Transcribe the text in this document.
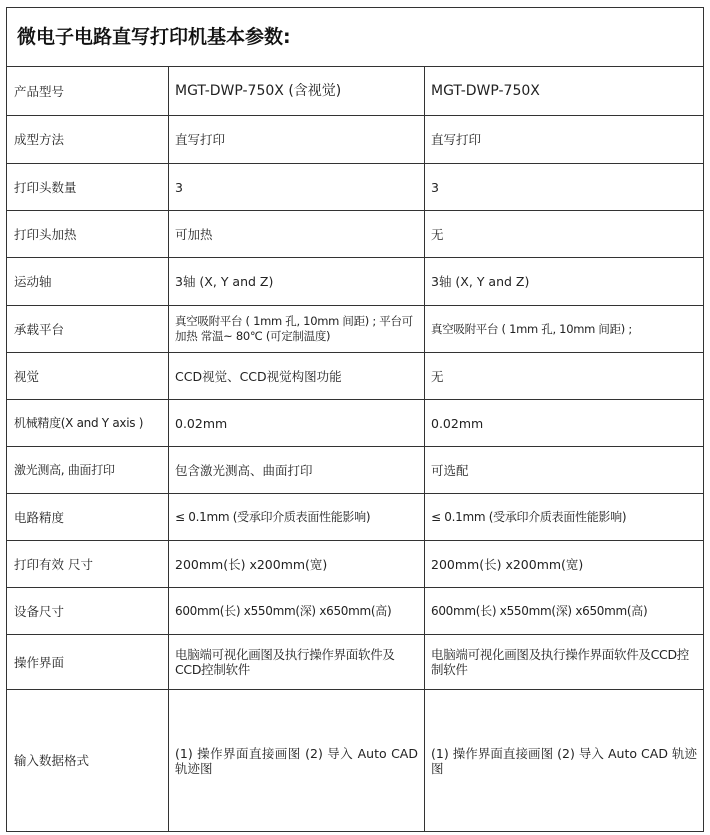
微电子电路直写打印机基本参数:		
产品型号	MGT-DWP-750X (含视觉)	MGT-DWP-750X
成型方法	直写打印	直写打印
打印头数量	3	3
打印头加热	可加热	无
运动轴	3轴 (X, Y and Z)	3轴 (X, Y and Z)
承载平台	真空吸附平台 ( 1mm 孔, 10mm 间距) ; 平台可加热 常温~ 80℃ (可定制温度)	真空吸附平台 ( 1mm 孔, 10mm 间距) ;
视觉	CCD视觉、CCD视觉构图功能	无
机械精度(X and Y axis )	0.02mm	0.02mm
激光测高, 曲面打印	包含激光测高、曲面打印	可选配
电路精度	≤ 0.1mm (受承印介质表面性能影响)	≤ 0.1mm (受承印介质表面性能影响)
打印有效 尺寸	200mm(长) x200mm(宽)	200mm(长) x200mm(宽)
设备尺寸	600mm(长) x550mm(深) x650mm(高)	600mm(长) x550mm(深) x650mm(高)
操作界面	电脑端可视化画图及执行操作界面软件及CCD控制软件	电脑端可视化画图及执行操作界面软件及CCD控制软件
输入数据格式	(1) 操作界面直接画图 (2) 导入 Auto CAD 轨迹图	(1) 操作界面直接画图 (2) 导入 Auto CAD 轨迹图
